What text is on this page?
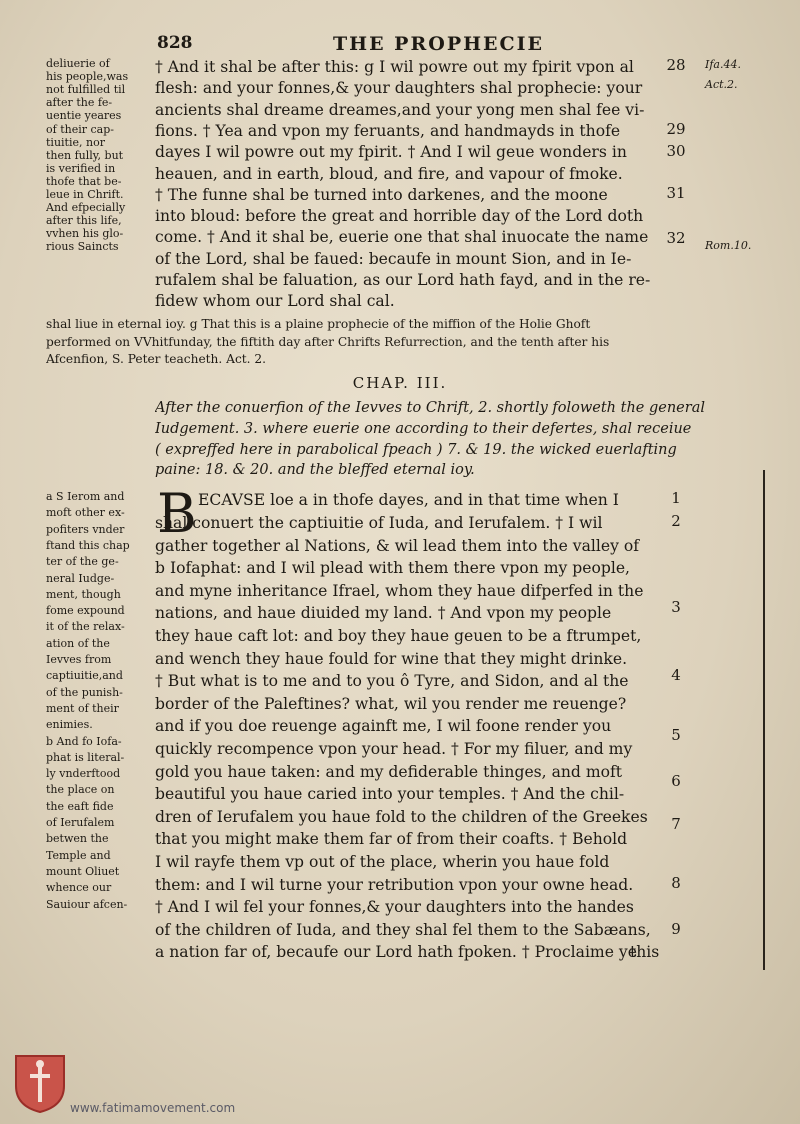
828	THE PROPHECIE
deliuerie of
his people,was
not fulfilled til
after the fe-
uentie yeares
of their cap-
tiuitie, nor
then fully, but
is verified in
thofe that be-
leue in Chrift.
And efpecially
after this life,
vvhen his glo-
rious Saincts
† And it shal be after this: g I wil powre out my fpirit vpon al
flesh: and your fonnes,& your daughters shal prophecie: your
ancients shal dreame dreames,and your yong men shal fee vi-
fions. † Yea and vpon my feruants, and handmayds in thofe
dayes I wil powre out my fpirit. † And I wil geue wonders in
heauen, and in earth, bloud, and fire, and vapour of fmoke.
† The funne shal be turned into darkenes, and the moone
into bloud: before the great and horrible day of the Lord doth
come. † And it shal be, euerie one that shal inuocate the name
of the Lord, shal be faued: becaufe in mount Sion, and in Ie-
rufalem shal be faluation, as our Lord hath fayd, and in the re-
fidew whom our Lord shal cal.
28
29
30
31
32
Ifa.44.
Act.2.
Rom.10.
shal liue in eternal ioy. g That this is a plaine prophecie of the miffion of the Holie Ghoft
performed on VVhitfunday, the fiftith day after Chrifts Refurrection, and the tenth after his
Afcenfion, S. Peter teacheth. Act. 2.
CHAP. III.
After the conuerfion of the Ievves to Chrift, 2. shortly foloweth the general
Iudgement. 3. where euerie one according to their defertes, shal receiue
( expreffed here in parabolical fpeach ) 7. & 19. the wicked euerlafting
paine: 18. & 20. and the bleffed eternal ioy.
a S Ierom and
moft other ex-
pofiters vnder
ftand this chap
ter of the ge-
neral Iudge-
ment, though
fome expound
it of the relax-
ation of the
Ievves from
captiuitie,and
of the punish-
ment of their
enimies.
b And fo Iofa-
phat is literal-
ly vnderftood
the place on
the eaft fide
of Ierufalem
betwen the
Temple and
mount Oliuet
whence our
Sauiour afcen-
B ECAVSE loe a in thofe dayes, and in that time when I
shal conuert the captiuitie of Iuda, and Ierufalem. † I wil
gather together al Nations, & wil lead them into the valley of
b Iofaphat: and I wil plead with them there vpon my people,
and myne inheritance Ifrael, whom they haue difperfed in the
nations, and haue diuided my land. † And vpon my people
they haue caft lot: and boy they haue geuen to be a ftrumpet,
and wench they haue fould for wine that they might drinke.
† But what is to me and to you ô Tyre, and Sidon, and al the
border of the Paleftines? what, wil you render me reuenge?
and if you doe reuenge againft me, I wil foone render you
quickly recompence vpon your head. † For my filuer, and my
gold you haue taken: and my defiderable thinges, and moft
beautiful you haue caried into your temples. † And the chil-
dren of Ierufalem you haue fold to the children of the Greekes
that you might make them far of from their coafts. † Behold
I wil rayfe them vp out of the place, wherin you haue fold
them: and I wil turne your retribution vpon your owne head.
† And I wil fel your fonnes,& your daughters into the handes
of the children of Iuda, and they shal fel them to the Sabæans,
a nation far of, becaufe our Lord hath fpoken. † Proclaime ye
this
1
2
3
4
5
6
7
8
9
www.fatimamovement.com
